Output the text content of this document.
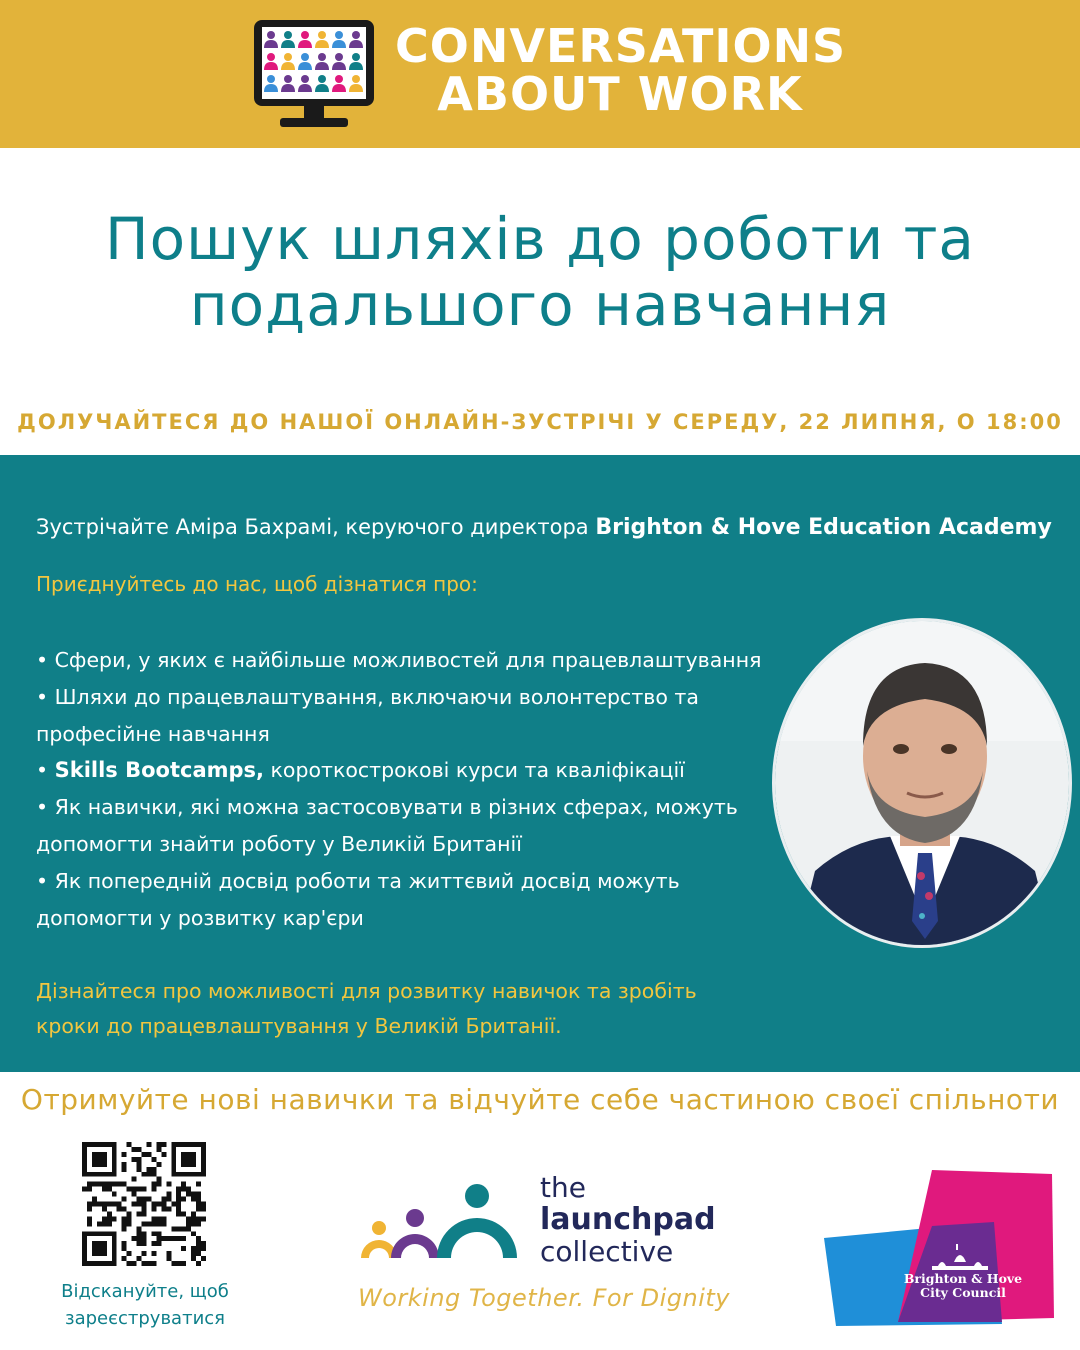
CONVERSATIONS
ABOUT WORK
Пошук шляхів до роботи та
подальшого навчання
ДОЛУЧАЙТЕСЯ ДО НАШОЇ ОНЛАЙН-ЗУСТРІЧІ У СЕРЕДУ, 22 ЛИПНЯ, О 18:00
Зустрічайте Аміра Бахрамі, керуючого директора Brighton & Hove Education Academy
Приєднуйтесь до нас, щоб дізнатися про:
• Сфери, у яких є найбільше можливостей для працевлаштування
• Шляхи до працевлаштування, включаючи волонтерство та
професійне навчання
• Skills Bootcamps, короткострокові курси та кваліфікації
• Як навички, які можна застосовувати в різних сферах, можуть
допомогти знайти роботу у Великій Британії
• Як попередній досвід роботи та життєвий досвід можуть
допомогти у розвитку кар'єри
Дізнайтеся про можливості для розвитку навичок та зробіть
кроки до працевлаштування у Великій Британії.
Отримуйте нові навички та відчуйте себе частиною своєї спільноти
Відскануйте, щоб
зареєструватися
the
launchpad
collective
Working Together. For Dignity
Brighton & Hove
City Council
